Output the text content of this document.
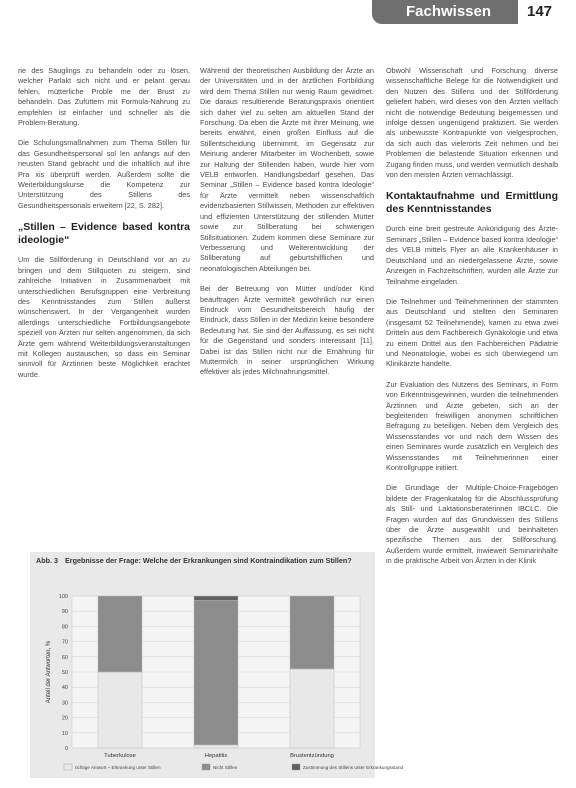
Fachwissen 147

rie des Säuglings zu behandeln oder zu lösen, welcher Parlakt sich nicht und er pelant genau fehlen, mütterliche Proble me der Brust zu behandeln. Das Zufüttern mit Formula-Nahrung zu empfehlen ist einfacher und schneller als die Problem-Beratung.

Die Schulungsmaßnahmen zum Thema Stillen für das Gesundheitspersonal sol len anfangs auf den neusten Stand gebracht und die inhaltlich auf ihre Pra xis überprüft werden. Außerdem sollte die Weiterbildungskurse die Kompetenz zur Unterstützung des Stillens des Gesundheitspersonals erweitern [22, S. 282].

„Stillen – Evidence based kontra ideologie“

Um die Stillförderung in Deutschland vor an zu bringen und dem Stillquoten zu steigern, sind zahlreiche Initiativen in Zusammenarbeit mit unterschiedlichen Berufsgruppen eine Verbreitung des Kenntnisstandes zum Stillen äußerst wünschenswert. In der Vergangenheit wurden allerdings unterschiedliche Fortbildungsangebote speziell von Ärzten nur selten angenommen, da sich Ärzte gern während Weiterbildungsveranstaltungen mit Kollegen austauschen, so dass ein Seminar sinnvoll für Ärztinnen beste Möglichkeit erachtet wurde.

Während der theoretischen Ausbildung der Ärzte an der Universitäten und in der ärztlichen Fortbildung wird dem Thema Stillen nur wenig Raum gewidmet. Die daraus resultierende Beratungspraxis orientiert sich daher viel zu selten am aktuellen Stand der Forschung. Da eben die Ärzte mit ihrer Meinung, wie bereits erwähnt, einen großen Einfluss auf die Stillentscheidung übernimmt, im Gegensatz zur Meinung anderer Mitarbeiter im Wochenbett, sowie zur Haltung der Stillenden haben, wurde hier vom VELB entworfen. Handlungsbedarf gesehen. Das Seminar „Stillen – Evidence based kontra Ideologie“ für Ärzte vermittelt neben wissenschaftlich evidenzbasierten Stillwissen, Methoden zur effektiven und effizienten Unterstützung der stillenden Mutter sowie zur Stillberatung bei schwierigen Stillsituationen. Zudem kommen diese Seminare zur Verbesserung und Weiterentwicklung der Stillberatung auf geburtshilflichen und neonatologischen Abteilungen bei.

Bei der Betreuung von Mütter und/oder Kind beauftragen Ärzte vermittelt gewöhnlich nur einen Eindruck vom Gesundheitsbereich häufig der Eindruck, dass Stillen in der Medizin keine besondere Bedeutung hat. Sie sind der Auffassung, es sei nicht für die Gegenstand und sonders interessant [11]. Dabei ist das Stillen nicht nur die Ernährung für Muttermilch in seiner ursprünglichen Wirkung effektiver als jedes Milchnahrungsmittel.

Obwohl Wissenschaft und Forschung diverse wissenschaftliche Belege für die Notwendigkeit und den Nutzen des Stillens und der Stillförderung geliefert haben, wird dieses von den Ärzten vielfach nicht die notwendige Bedeutung beigemessen und infolge dessen ungenügend praktiziert. Sie werden als unbewusste Kontrapunkte von vielgesprochen, da sich auch das vielerorts Zeit nehmen und bei Problemen die belastende Situation erkennen und Zugang finden muss, und werden vermutlich deshalb von den meisten Ärzten vernachlässigt.

Kontaktaufnahme und Ermittlung des Kenntnisstandes

Durch eine breit gestreute Ankündigung des Ärzte-Seminars „Stillen – Evidence based kontra Ideologie“ des VELB mittels Flyer an alle Krankenhäuser in Deutschland und an niedergelassene Ärzte, sowie Anzeigen in Fachzeitschriften, wurden alle Ärzte zur Teilnahme eingeladen.

Die Teilnehmer und Teilnehmerinnen der stammten aus Deutschland und stellten den Seminaren (insgesamt 52 Teilnehmende), kamen zu etwa zwei Dritteln aus dem Fachbereich Gynäkologie und etwa zu einem Drittel aus den Fachbereichen Pädiatrie und Neonatologie, wobei es sich überwiegend um Klinikärzte handelte.

Zur Evaluation des Nutzens des Seminars, in Form von Erkenntnisgewinnen, wurden die teilnehmenden Ärztinnen und Ärzte gebeten, sich an der begleitenden freiwilligen anonymen schriftlichen Befragung zu beteiligen. Neben dem Vergleich des Wissensstandes vor und nach dem Wissen des einen Seminares wurde zusätzlich ein Vergleich des Wissensstandes mit Teilnehmerinnen einer Kontrollgruppe initiiert.

Die Grundlage der Multiple-Choice-Fragebögen bildete der Fragenkatalog für die Abschlussprüfung als Still- und Laktationsberaterinnen IBCLC. Die Fragen wurden auf das Grundwissen des Stillens über die Ärzte ausgewählt und beinhalteten spezifische Themen aus der Stillforschung. Außerdem wurde ermittelt, inwieweit Seminarinhalte in die praktische Arbeit von Ärzten in der Klinik

Abb. 3 Ergebnisse der Frage: Welche der Erkrankungen sind Kontraindikation zum Stillen?
0
10
20
30
40
50
60
70
80
90
100
Anteil der Antworten, %
Tuberkulose	Hepatitis	Brustentzündung
richtige Antwort – Erkrankung unter Stillen	Nicht Stillen	Zustimmung des Stillens unter Erkrankungsstand
